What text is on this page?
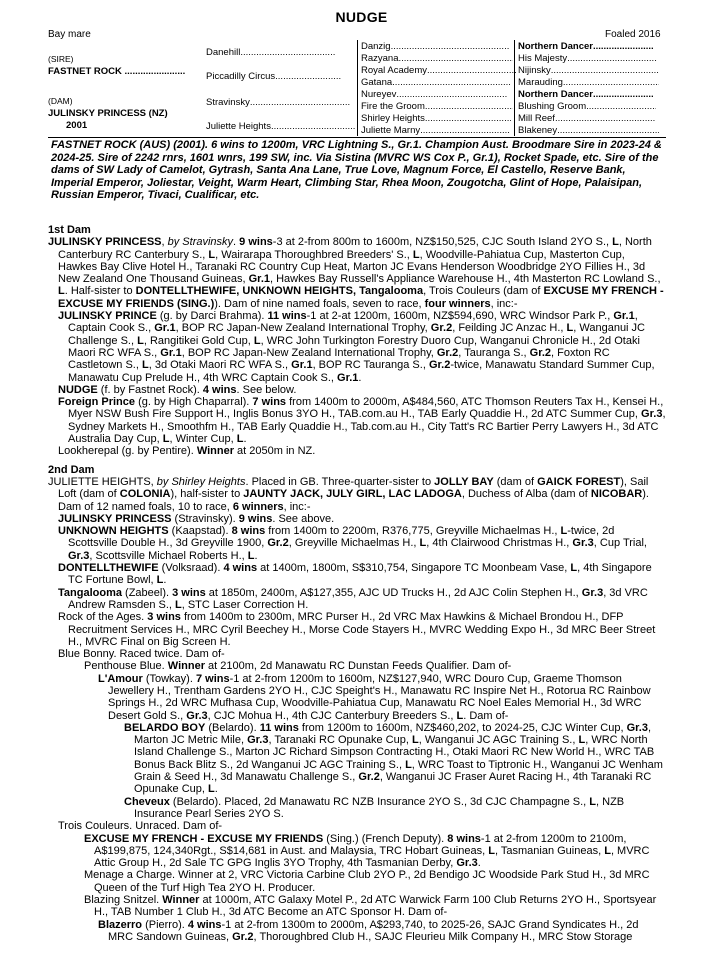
NUDGE
Bay mare	Foaled 2016
(SIRE)
FASTNET ROCK .....
(DAM)
JULINSKY PRINCESS (NZ)
2001
Danehill.....
Piccadilly Circus.....
Stravinsky.....
Juliette Heights.....
Danzig.....
Razyana.....
Royal Academy.....
Gatana.....
Nureyev.....
Fire the Groom.....
Shirley Heights.....
Juliette Marny.....
Northern Dancer.....
His Majesty.....
Nijinsky.....
Marauding.....
Northern Dancer.....
Blushing Groom.....
Mill Reef.....
Blakeney.....
FASTNET ROCK (AUS) (2001). 6 wins to 1200m, VRC Lightning S., Gr.1. Champion Aust. Broodmare Sire in 2023-24 & 2024-25. Sire of 2242 rnrs, 1601 wnrs, 199 SW, inc. Via Sistina (MVRC WS Cox P., Gr.1), Rocket Spade, etc. Sire of the dams of SW Lady of Camelot, Gytrash, Santa Ana Lane, True Love, Magnum Force, El Castello, Reserve Bank, Imperial Emperor, Joliestar, Veight, Warm Heart, Climbing Star, Rhea Moon, Zougotcha, Glint of Hope, Palaisipan, Russian Emperor, Tivaci, Cualificar, etc.
1st Dam
JULINSKY PRINCESS, by Stravinsky. 9 wins-3 at 2-from 800m to 1600m, NZ$150,525, CJC South Island 2YO S., L, North Canterbury RC Canterbury S., L, Wairarapa Thoroughbred Breeders' S., L, Woodville-Pahiatua Cup, Masterton Cup, Hawkes Bay Clive Hotel H., Taranaki RC Country Cup Heat, Marton JC Evans Henderson Woodbridge 2YO Fillies H., 3d New Zealand One Thousand Guineas, Gr.1, Hawkes Bay Russell's Appliance Warehouse H., 4th Masterton RC Lowland S., L. Half-sister to DONTELLTHEWIFE, UNKNOWN HEIGHTS, Tangalooma, Trois Couleurs (dam of EXCUSE MY FRENCH - EXCUSE MY FRIENDS (SING.)). Dam of nine named foals, seven to race, four winners, inc:-
JULINSKY PRINCE (g. by Darci Brahma). 11 wins-1 at 2-at 1200m, 1600m, NZ$594,690, WRC Windsor Park P., Gr.1, Captain Cook S., Gr.1, BOP RC Japan-New Zealand International Trophy, Gr.2, Feilding JC Anzac H., L, Wanganui JC Challenge S., L, Rangitikei Gold Cup, L, WRC John Turkington Forestry Duoro Cup, Wanganui Chronicle H., 2d Otaki Maori RC WFA S., Gr.1, BOP RC Japan-New Zealand International Trophy, Gr.2, Tauranga S., Gr.2, Foxton RC Castletown S., L, 3d Otaki Maori RC WFA S., Gr.1, BOP RC Tauranga S., Gr.2-twice, Manawatu Standard Summer Cup, Manawatu Cup Prelude H., 4th WRC Captain Cook S., Gr.1.
NUDGE (f. by Fastnet Rock). 4 wins. See below.
Foreign Prince (g. by High Chaparral). 7 wins from 1400m to 2000m, A$484,560, ATC Thomson Reuters Tax H., Kensei H., Myer NSW Bush Fire Support H., Inglis Bonus 3YO H., TAB.com.au H., TAB Early Quaddie H., 2d ATC Summer Cup, Gr.3, Sydney Markets H., Smoothfm H., TAB Early Quaddie H., Tab.com.au H., City Tatt's RC Bartier Perry Lawyers H., 3d ATC Australia Day Cup, L, Winter Cup, L.
Lookherepal (g. by Pentire). Winner at 2050m in NZ.
2nd Dam
JULIETTE HEIGHTS, by Shirley Heights. Placed in GB. Three-quarter-sister to JOLLY BAY (dam of GAICK FOREST), Sail Loft (dam of COLONIA), half-sister to JAUNTY JACK, JULY GIRL, LAC LADOGA, Duchess of Alba (dam of NICOBAR). Dam of 12 named foals, 10 to race, 6 winners, inc:-
JULINSKY PRINCESS (Stravinsky). 9 wins. See above.
UNKNOWN HEIGHTS (Kaapstad). 8 wins from 1400m to 2200m, R376,775, Greyville Michaelmas H., L-twice, 2d Scottsville Double H., 3d Greyville 1900, Gr.2, Greyville Michaelmas H., L, 4th Clairwood Christmas H., Gr.3, Cup Trial, Gr.3, Scottsville Michael Roberts H., L.
DONTELLTHEWIFE (Volksraad). 4 wins at 1400m, 1800m, S$310,754, Singapore TC Moonbeam Vase, L, 4th Singapore TC Fortune Bowl, L.
Tangalooma (Zabeel). 3 wins at 1850m, 2400m, A$127,355, AJC UD Trucks H., 2d AJC Colin Stephen H., Gr.3, 3d VRC Andrew Ramsden S., L, STC Laser Correction H.
Rock of the Ages. 3 wins from 1400m to 2300m, MRC Purser H., 2d VRC Max Hawkins & Michael Brondou H., DFP Recruitment Services H., MRC Cyril Beechey H., Morse Code Stayers H., MVRC Wedding Expo H., 3d MRC Beer Street H., MVRC Final on Big Screen H.
Blue Bonny. Raced twice. Dam of-
Penthouse Blue. Winner at 2100m, 2d Manawatu RC Dunstan Feeds Qualifier. Dam of-
L'Amour (Towkay). 7 wins-1 at 2-from 1200m to 1600m, NZ$127,940, WRC Douro Cup, Graeme Thomson Jewellery H., Trentham Gardens 2YO H., CJC Speight's H., Manawatu RC Inspire Net H., Rotorua RC Rainbow Springs H., 2d WRC Mufhasa Cup, Woodville-Pahiatua Cup, Manawatu RC Noel Eales Memorial H., 3d WRC Desert Gold S., Gr.3, CJC Mohua H., 4th CJC Canterbury Breeders S., L. Dam of-
BELARDO BOY (Belardo). 11 wins from 1200m to 1600m, NZ$460,202, to 2024-25, CJC Winter Cup, Gr.3, Marton JC Metric Mile, Gr.3, Taranaki RC Opunake Cup, L, Wanganui JC AGC Training S., L, WRC North Island Challenge S., Marton JC Richard Simpson Contracting H., Otaki Maori RC New World H., WRC TAB Bonus Back Blitz S., 2d Wanganui JC AGC Training S., L, WRC Toast to Tiptronic H., Wanganui JC Wenham Grain & Seed H., 3d Manawatu Challenge S., Gr.2, Wanganui JC Fraser Auret Racing H., 4th Taranaki RC Opunake Cup, L.
Cheveux (Belardo). Placed, 2d Manawatu RC NZB Insurance 2YO S., 3d CJC Champagne S., L, NZB Insurance Pearl Series 2YO S.
Trois Couleurs. Unraced. Dam of-
EXCUSE MY FRENCH - EXCUSE MY FRIENDS (Sing.) (French Deputy). 8 wins-1 at 2-from 1200m to 2100m, A$199,875, 124,340Rgt., S$14,681 in Aust. and Malaysia, TRC Hobart Guineas, L, Tasmanian Guineas, L, MVRC Attic Group H., 2d Sale TC GPG Inglis 3YO Trophy, 4th Tasmanian Derby, Gr.3.
Menage a Charge. Winner at 2, VRC Victoria Carbine Club 2YO P., 2d Bendigo JC Woodside Park Stud H., 3d MRC Queen of the Turf High Tea 2YO H. Producer.
Blazing Snitzel. Winner at 1000m, ATC Galaxy Motel P., 2d ATC Warwick Farm 100 Club Returns 2YO H., Sportsyear H., TAB Number 1 Club H., 3d ATC Become an ATC Sponsor H. Dam of-
Blazerro (Pierro). 4 wins-1 at 2-from 1300m to 2000m, A$293,740, to 2025-26, SAJC Grand Syndicates H., 2d MRC Sandown Guineas, Gr.2, Thoroughbred Club H., SAJC Fleurieu Milk Company H., MRC Stow Storage
